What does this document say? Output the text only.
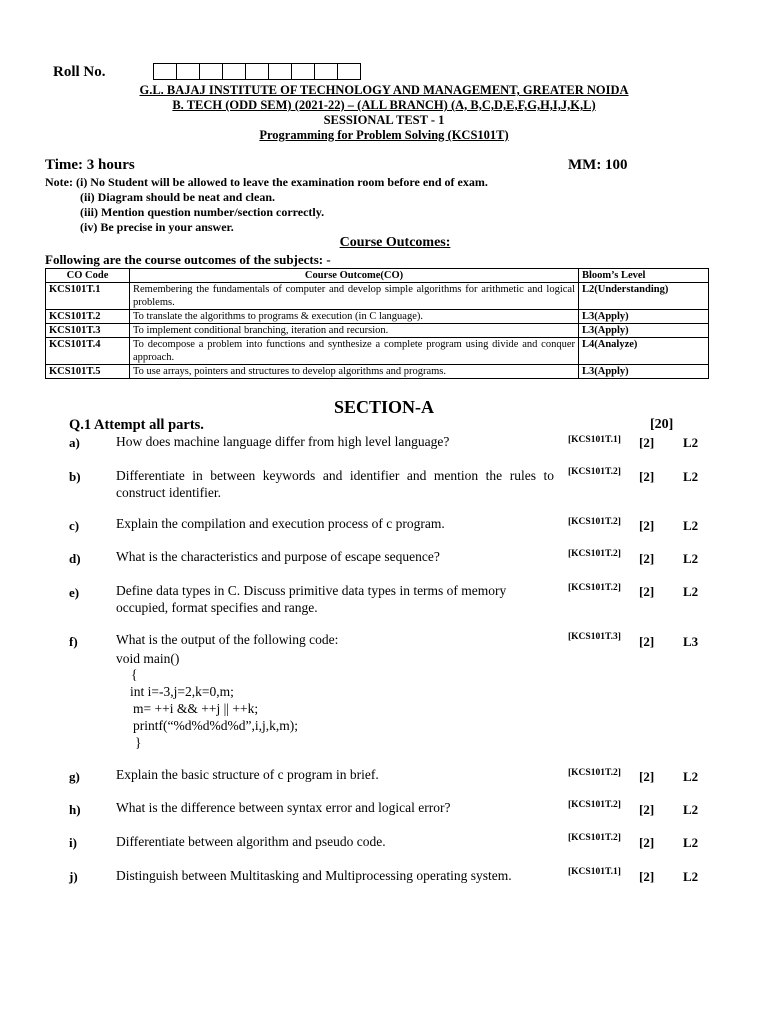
Roll No.
G.L. BAJAJ INSTITUTE OF TECHNOLOGY AND MANAGEMENT, GREATER NOIDA
B. TECH (ODD SEM) (2021-22) – (ALL BRANCH) (A, B,C,D,E,F,G,H,I,J,K,L)
SESSIONAL TEST - 1
Programming for Problem Solving (KCS101T)
Time: 3 hours	MM: 100
Note: (i) No Student will be allowed to leave the examination room before end of exam.
(ii) Diagram should be neat and clean.
(iii) Mention question number/section correctly.
(iv) Be precise in your answer.
Course Outcomes:
Following are the course outcomes of the subjects: -
CO Code	Course Outcome(CO)	Bloom’s Level
KCS101T.1	Remembering the fundamentals of computer and develop simple algorithms for arithmetic and logical problems.	L2(Understanding)
KCS101T.2	To translate the algorithms to programs & execution (in C language).	L3(Apply)
KCS101T.3	To implement conditional branching, iteration and recursion.	L3(Apply)
KCS101T.4	To decompose a problem into functions and synthesize a complete program using divide and conquer approach.	L4(Analyze)
KCS101T.5	To use arrays, pointers and structures to develop algorithms and programs.	L3(Apply)
SECTION-A
Q.1 Attempt all parts.	[20]
a)	How does machine language differ from high level language?	[KCS101T.1] [2] L2
b)	Differentiate in between keywords and identifier and mention the rules to construct identifier.
[KCS101T.2] [2] L2
c)	Explain the compilation and execution process of c program.	[KCS101T.2] [2] L2
d)	What is the characteristics and purpose of escape sequence?	[KCS101T.2] [2] L2
e)	Define data types in C. Discuss primitive data types in terms of memory occupied, format specifies and range.
[KCS101T.2] [2] L2
f)	What is the output of the following code:	[KCS101T.3] [2] L3
void main()
{
int i=-3,j=2,k=0,m;
m= ++i && ++j || ++k;
printf(“%d%d%d%d”,i,j,k,m);
}
g)	Explain the basic structure of c program in brief.	[KCS101T.2] [2] L2
h)	What is the difference between syntax error and logical error?	[KCS101T.2] [2] L2
i)	Differentiate between algorithm and pseudo code.	[KCS101T.2] [2] L2
j)	Distinguish between Multitasking and Multiprocessing operating system.	[KCS101T.1] [2] L2
